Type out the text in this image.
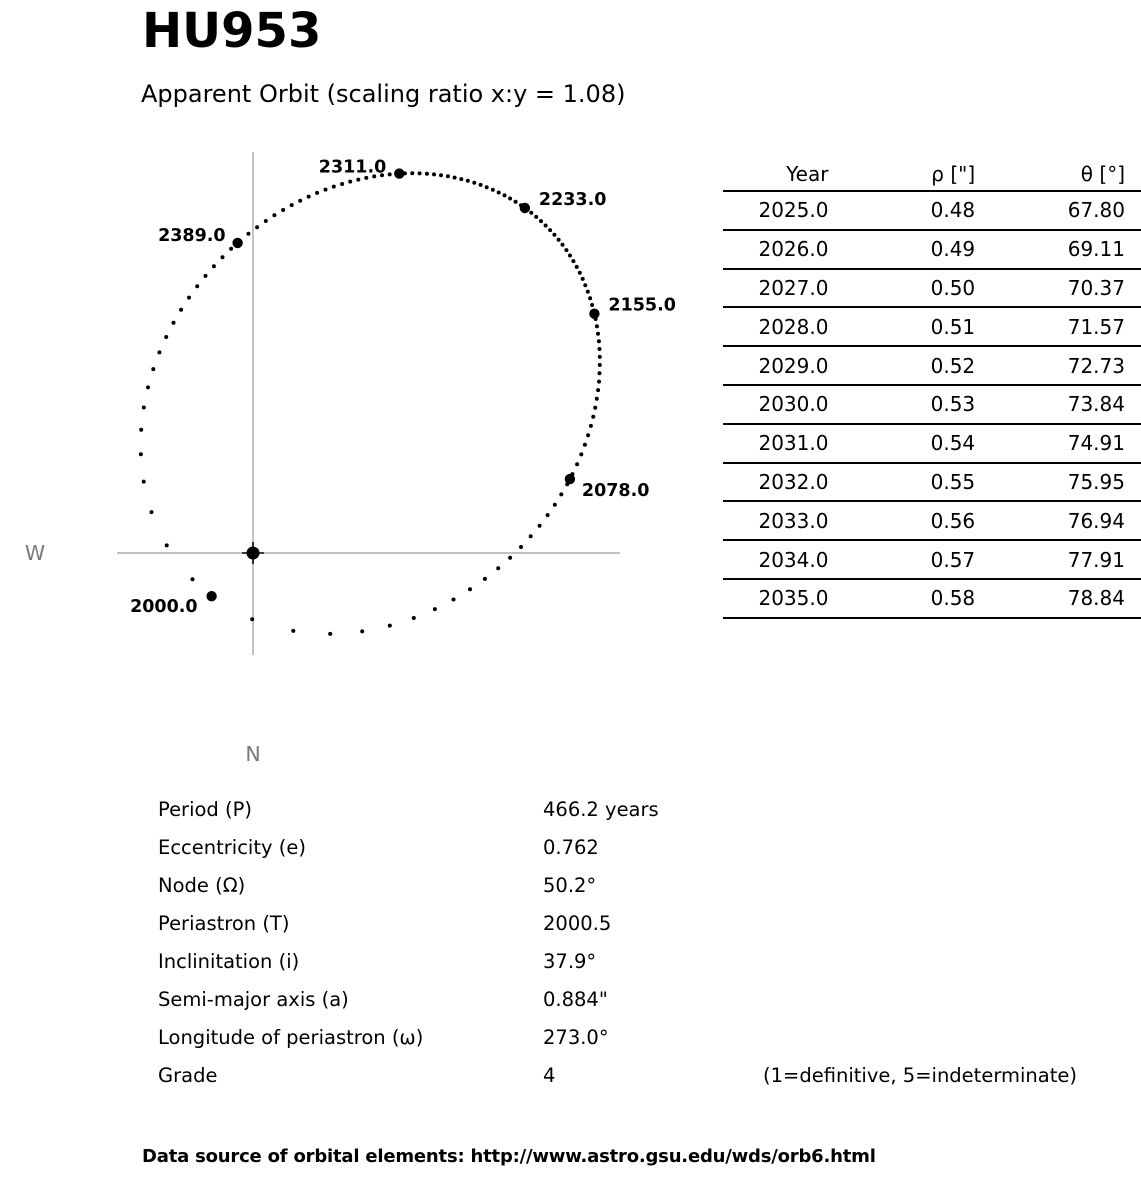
HU953
Apparent Orbit (scaling ratio x:y = 1.08)
W
N
2000.0
2078.0
2155.0
2233.0
2311.0
2389.0
Year	ρ ["]	θ [°]
2025.0	0.48	67.80
2026.0	0.49	69.11
2027.0	0.50	70.37
2028.0	0.51	71.57
2029.0	0.52	72.73
2030.0	0.53	73.84
2031.0	0.54	74.91
2032.0	0.55	75.95
2033.0	0.56	76.94
2034.0	0.57	77.91
2035.0	0.58	78.84
Period (P)	466.2 years
Eccentricity (e)	0.762
Node (Ω)	50.2°
Periastron (T)	2000.5
Inclinitation (i)	37.9°
Semi-major axis (a)	0.884"
Longitude of periastron (ω)	273.0°
Grade	4	(1=definitive, 5=indeterminate)
Data source of orbital elements: http://www.astro.gsu.edu/wds/orb6.html
